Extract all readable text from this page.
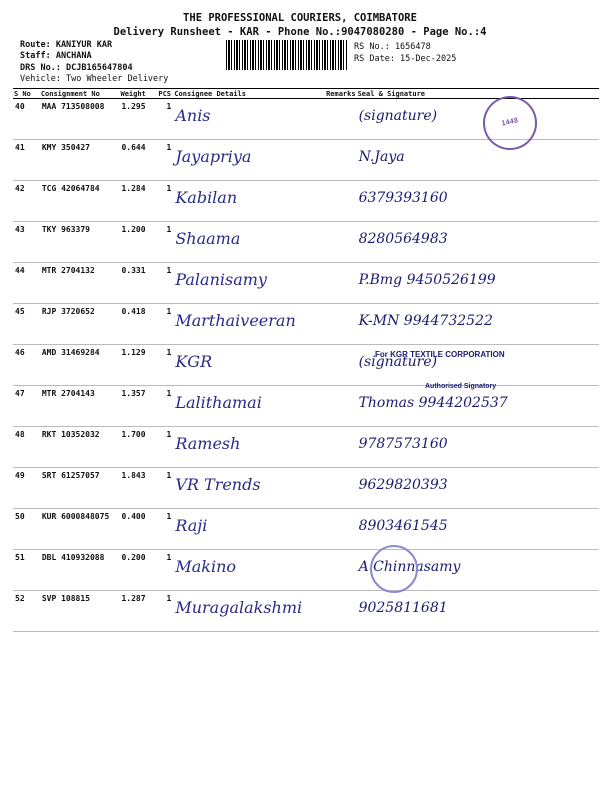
THE PROFESSIONAL COURIERS, COIMBATORE
Delivery Runsheet - KAR - Phone No.:9047080280 - Page No.:4
Route: KANIYUR KAR
Staff: ANCHANA
DRS No.: DCJB165647804
Vehicle: Two Wheeler Delivery
RS No.: 1656478
RS Date: 15-Dec-2025
S No	Consignment No	Weight	PCS	Consignee Details	Remarks	Seal & Signature
40	MAA 713508008	1.295	1	Anis		(signature)

41	KMY 350427	0.644	1	Jayapriya		N.Jaya

42	TCG 42064784	1.284	1	Kabilan		6379393160

43	TKY 963379	1.200	1	Shaama		8280564983

44	MTR 2704132	0.331	1	Palanisamy		P.Bmg 9450526199

45	RJP 3720652	0.418	1	Marthaiveeran		K-MN 9944732522

46	AMD 31469284	1.129	1	KGR		(signature)

47	MTR 2704143	1.357	1	Lalithamai		Thomas 9944202537

48	RKT 10352032	1.700	1	Ramesh		9787573160

49	SRT 61257057	1.843	1	VR Trends		9629820393

50	KUR 6000848075	0.400	1	Raji		8903461545

51	DBL 410932088	0.200	1	Makino		A.Chinnasamy

52	SVP 108815	1.287	1	Muragalakshmi		9025811681
1448
For KGR TEXTILE CORPORATION
Authorised Signatory
